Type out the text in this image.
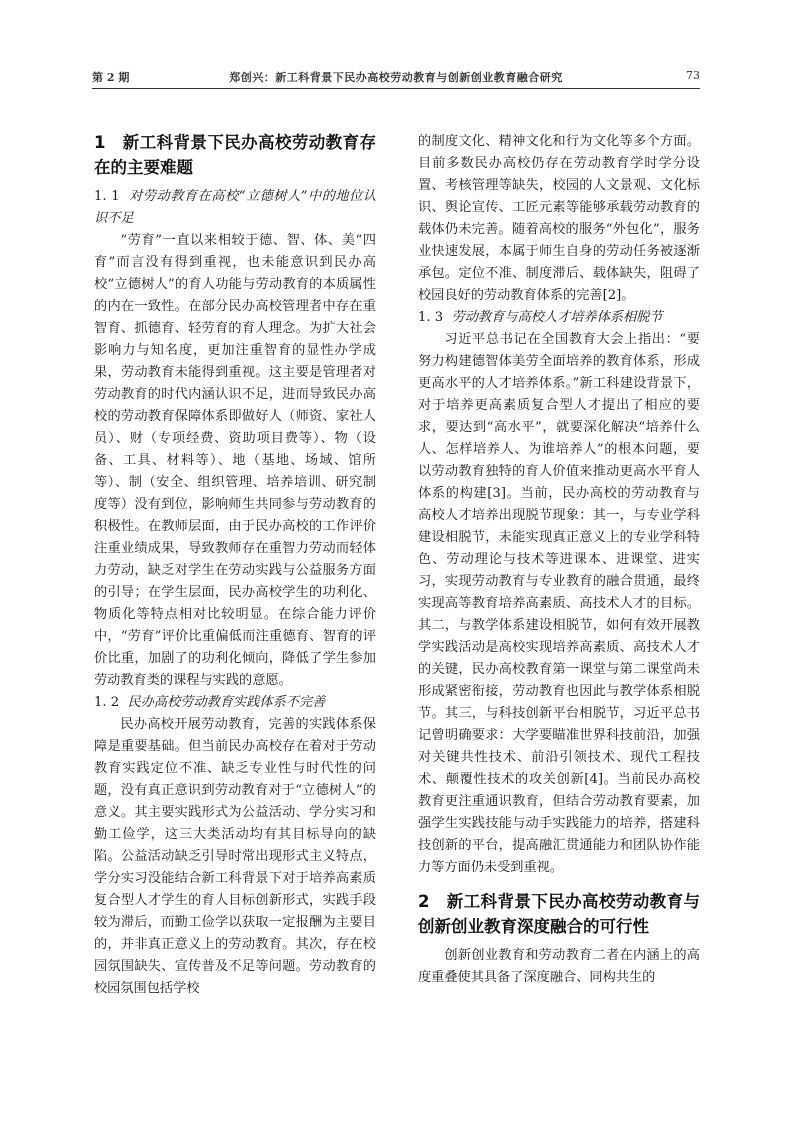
第 2 期	郑创兴：新工科背景下民办高校劳动教育与创新创业教育融合研究	73
1　新工科背景下民办高校劳动教育存在的主要难题
1. 1 对劳动教育在高校“立德树人”中的地位认识不足

“劳育”一直以来相较于德、智、体、美“四育”而言没有得到重视，也未能意识到民办高校“立德树人”的育人功能与劳动教育的本质属性的内在一致性。在部分民办高校管理者中存在重智育、抓德育、轻劳育的育人理念。为扩大社会影响力与知名度，更加注重智育的显性办学成果，劳动教育未能得到重视。这主要是管理者对劳动教育的时代内涵认识不足，进而导致民办高校的劳动教育保障体系即做好人（师资、家社人员）、财（专项经费、资助项目费等）、物（设备、工具、材料等）、地（基地、场域、馆所等）、制（安全、组织管理、培养培训、研究制度等）没有到位，影响师生共同参与劳动教育的积极性。在教师层面，由于民办高校的工作评价注重业绩成果，导致教师存在重智力劳动而轻体力劳动，缺乏对学生在劳动实践与公益服务方面的引导；在学生层面，民办高校学生的功利化、物质化等特点相对比较明显。在综合能力评价中，“劳育”评价比重偏低而注重德育、智育的评价比重，加剧了的功利化倾向，降低了学生参加劳动教育类的课程与实践的意愿。

1. 2 民办高校劳动教育实践体系不完善

民办高校开展劳动教育，完善的实践体系保障是重要基础。但当前民办高校存在着对于劳动教育实践定位不准、缺乏专业性与时代性的问题，没有真正意识到劳动教育对于“立德树人”的意义。其主要实践形式为公益活动、学分实习和勤工俭学，这三大类活动均有其目标导向的缺陷。公益活动缺乏引导时常出现形式主义特点，学分实习没能结合新工科背景下对于培养高素质复合型人才学生的育人目标创新形式，实践手段较为滞后，而勤工俭学以获取一定报酬为主要目的，并非真正意义上的劳动教育。其次，存在校园氛围缺失、宣传普及不足等问题。劳动教育的校园氛围包括学校

的制度文化、精神文化和行为文化等多个方面。目前多数民办高校仍存在劳动教育学时学分设置、考核管理等缺失，校园的人文景观、文化标识、舆论宣传、工匠元素等能够承载劳动教育的载体仍未完善。随着高校的服务“外包化”，服务业快速发展，本属于师生自身的劳动任务被逐渐承包。定位不准、制度滞后、载体缺失，阻碍了校园良好的劳动教育体系的完善[2]。

1. 3 劳动教育与高校人才培养体系相脱节

习近平总书记在全国教育大会上指出：“要努力构建德智体美劳全面培养的教育体系，形成更高水平的人才培养体系。”新工科建设背景下，对于培养更高素质复合型人才提出了相应的要求，要达到“高水平”，就要深化解决“培养什么人、怎样培养人、为谁培养人”的根本问题，要以劳动教育独特的育人价值来推动更高水平育人体系的构建[3]。当前，民办高校的劳动教育与高校人才培养出现脱节现象：其一，与专业学科建设相脱节，未能实现真正意义上的专业学科特色、劳动理论与技术等进课本、进课堂、进实习，实现劳动教育与专业教育的融合贯通，最终实现高等教育培养高素质、高技术人才的目标。其二，与教学体系建设相脱节，如何有效开展教学实践活动是高校实现培养高素质、高技术人才的关键，民办高校教育第一课堂与第二课堂尚未形成紧密衔接，劳动教育也因此与教学体系相脱节。其三，与科技创新平台相脱节，习近平总书记曾明确要求：大学要瞄准世界科技前沿，加强对关键共性技术、前沿引领技术、现代工程技术、颠覆性技术的攻关创新[4]。当前民办高校教育更注重通识教育，但结合劳动教育要素，加强学生实践技能与动手实践能力的培养，搭建科技创新的平台，提高融汇贯通能力和团队协作能力等方面仍未受到重视。

2　新工科背景下民办高校劳动教育与创新创业教育深度融合的可行性

创新创业教育和劳动教育二者在内涵上的高度重叠使其具备了深度融合、同构共生的
